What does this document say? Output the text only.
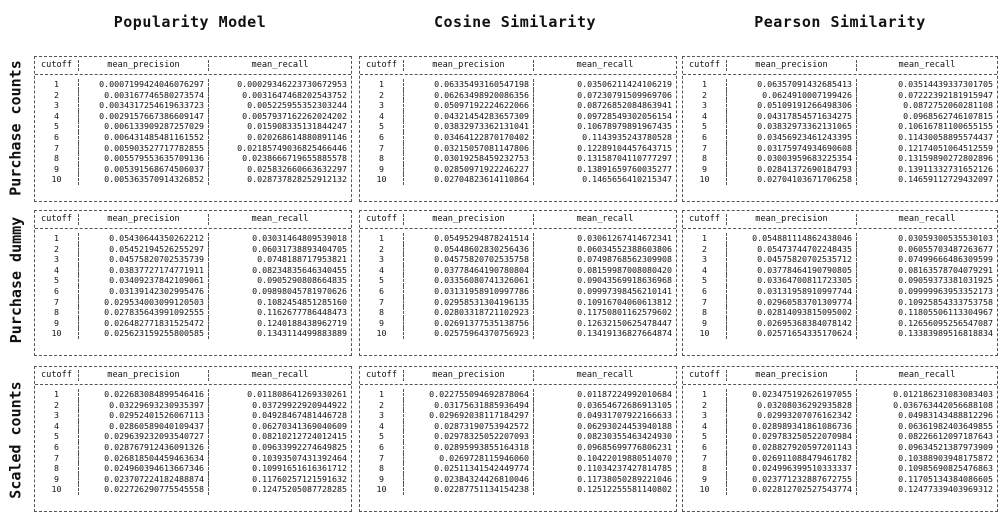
Popularity Model	Cosine Similarity	Pearson Similarity
Purchase counts
Purchase dummy
Scaled counts
cutoff	mean_precision	mean_recall
1	0.0007199424046076297	0.00029346223730672953
2	0.003167746580273574	0.0031647468202543752
3	0.0034317254619633723	0.005225955352303244
4	0.0029157667386609147	0.0057937162262024202
5	0.006133909287257029	0.015908335131844247
6	0.006431485481161552	0.020268614880891146
7	0.005903527717782855	0.02185749036825466446
8	0.005579553635709136	0.0238666719655885578
9	0.005391568674506037	0.025832660663632297
10	0.005363570914326852	0.028737828252912132
cutoff	mean_precision	mean_recall
1	0.06335493160547198	0.03506211424106219
2	0.06263498920086356	0.07230791509969706
3	0.05097192224622066	0.08726852084863941
4	0.04321454283657309	0.09728549302056154
5	0.03832973362131041	0.10678979891967435
6	0.03464122870170402	0.1143935243780528
7	0.03215057081147806	0.12289104457643715
8	0.03019258459232753	0.13158704110777297
9	0.02850971922246227	0.13891659760035277
10	0.02704823614110864	0.1465656410215347
cutoff	mean_precision	mean_recall
1	0.06357091432685413	0.03514439337301705
2	0.0624910007199426	0.07222392181915947
3	0.05109191266498306	0.0872752060281108
4	0.04317854571634275	0.0968562746107815
5	0.03832973362131065	0.10616781100655155
6	0.03456923461243395	0.11430058895574437
7	0.03175974934690608	0.12174051064512559
8	0.03003959683225354	0.13159890272802896
9	0.02841372690184793	0.13911332731652126
10	0.02704103671706258	0.14659112729432097
cutoff	mean_precision	mean_recall
1	0.05430644350262212	0.03031464809539018
2	0.05452194526255297	0.06031738893404705
3	0.04575820702535739	0.0748188717953821
4	0.03837727174771911	0.08234835646340455
5	0.03409237842109061	0.0905290808664835
6	0.03139142302995476	0.09898045781970626
7	0.029534003099120503	0.1082454851285160
8	0.027835643991092555	0.1162677786448473
9	0.026482771831525472	0.1240188438962719
10	0.025623159255800585	0.1343114499883889
cutoff	mean_precision	mean_recall
1	0.05495294878241514	0.03061267414672341
2	0.05448602830256436	0.06034552388603806
3	0.04575820702535758	0.07498768562309908
4	0.03778464190780804	0.08159987008080420
5	0.03356080741326061	0.09043569918636968
6	0.03131958910997786	0.09997398456210141
7	0.02958531304196135	0.10916704060613812
8	0.02803318721102923	0.11750801162579602
9	0.02691377535138756	0.12632150625478447
10	0.02575964370756923	0.13419136827664874
cutoff	mean_precision	mean_recall
1	0.054881114862438046	0.03059300535530103
2	0.05473744702248435	0.06055703487263677
3	0.04575820702535712	0.07499666486309599
4	0.03778464190790805	0.08163578704079291
5	0.03364700811723305	0.09059373381031925
6	0.03131958910997744	0.09999963953352173
7	0.02960583701309774	0.10925854333753758
8	0.02814093815095002	0.11805506113304967
9	0.02695368384078142	0.12656095256547087
10	0.02571654335170624	0.13383989516818834
cutoff	mean_precision	mean_recall
1	0.022683084899546416	0.011808641269330261
2	0.03229693230935397	0.03729922920944922
3	0.02952401526067113	0.04928467481446728
4	0.02860589040109437	0.06270341369040609
5	0.029639232093540727	0.08210212724012415
6	0.028767912436091326	0.09633992274649825
7	0.026818504459463634	0.10393507431392464
8	0.024960394613667346	0.10991651616361712
9	0.023707224182488874	0.11760257121591632
10	0.022726290775545558	0.12475205087728285
cutoff	mean_precision	mean_recall
1	0.022755094692878064	0.01187224992010684
2	0.03175631885936494	0.03654672686913105
3	0.029692038117184297	0.04931707922166633
4	0.02873190753942572	0.06293024453940188
5	0.02978325052207093	0.08230355463424930
6	0.02895993855164318	0.09685699776806231
7	0.0269728115946060	0.10422019880514070
8	0.02511341542449774	0.11034237427814785
9	0.02384324426810046	0.11738050289221046
10	0.02287751134154238	0.12512255581140802
cutoff	mean_precision	mean_recall
1	0.023475192626197055	0.012186231083083403
2	0.03208036292935828	0.036763442056688108
3	0.02993207076162342	0.04983143488812296
4	0.028989341861086736	0.06361982403649855
5	0.029783250522070984	0.08226612097187643
6	0.028827920597201143	0.09634521387973909
7	0.026911088479461782	0.10388903948175872
8	0.024996399510333337	0.10985690825476863
9	0.023771232887672755	0.11705134384086605
10	0.022812702527543774	0.12477339403969312
